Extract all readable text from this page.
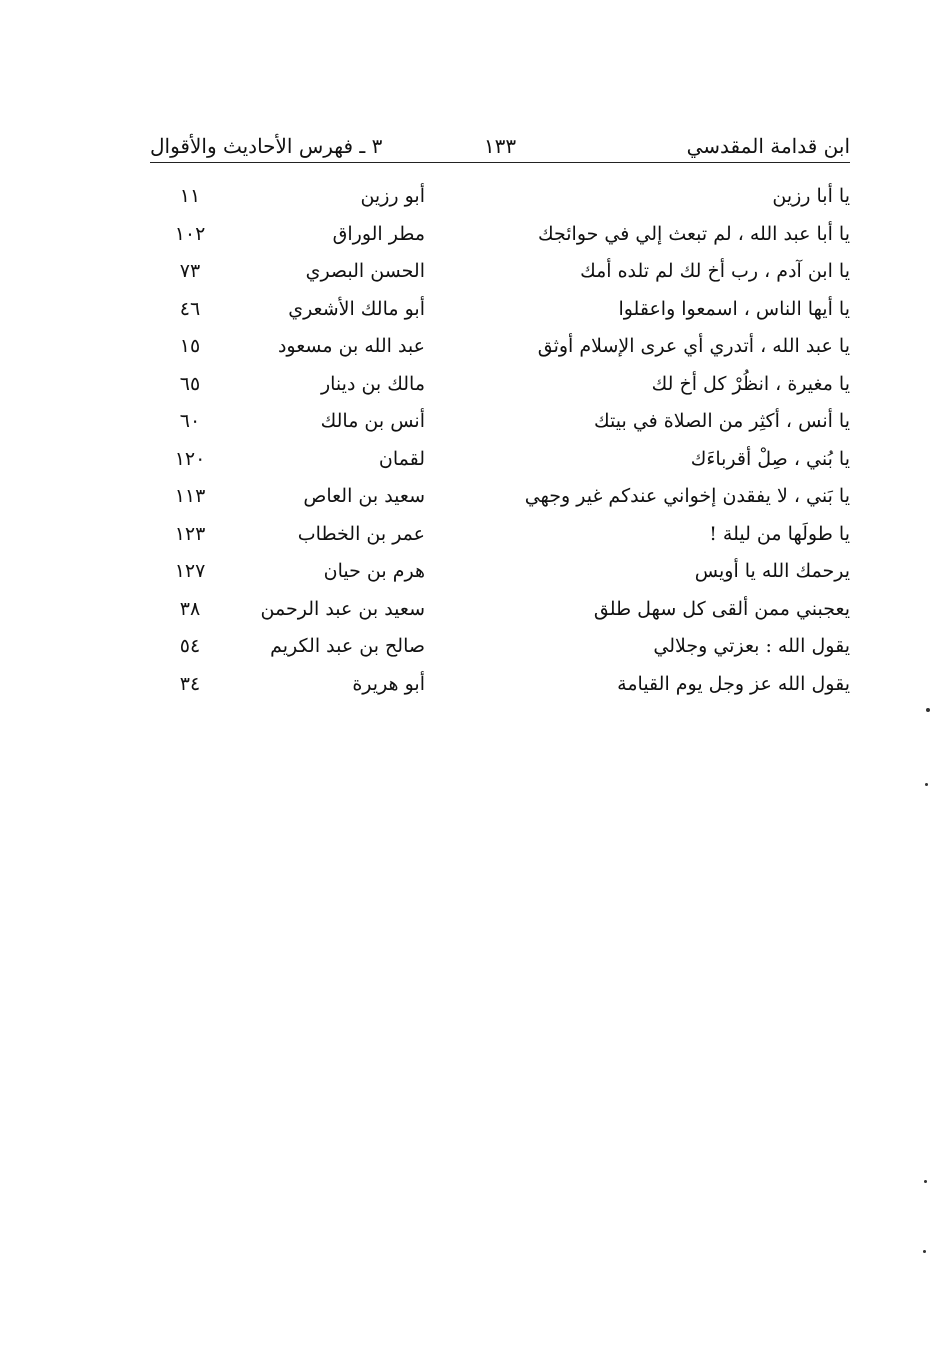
ابن قدامة المقدسي
١٣٣
٣ ـ فهرس الأحاديث والأقوال
يا أبا رزين
أبو رزين
١١
يا أبا عبد الله ، لم تبعث إلي في حوائجك
مطر الوراق
١٠٢
يا ابن آدم ، رب أخ لك لم تلده أمك
الحسن البصري
٧٣
يا أيها الناس ، اسمعوا واعقلوا
أبو مالك الأشعري
٤٦
يا عبد الله ، أتدري أي عرى الإسلام أوثق
عبد الله بن مسعود
١٥
يا مغيرة ، انظُرْ كل أخ لك
مالك بن دينار
٦٥
يا أنس ، أكثِر من الصلاة في بيتك
أنس بن مالك
٦٠
يا بُني ، صِلْ أقرباءَك
لقمان
١٢٠
يا بَني ، لا يفقدن إخواني عندكم غير وجهي
سعيد بن العاص
١١٣
يا طولَها من ليلة !
عمر بن الخطاب
١٢٣
يرحمك الله يا أويس
هرم بن حيان
١٢٧
يعجبني ممن ألقى كل سهل طلق
سعيد بن عبد الرحمن
٣٨
يقول الله : بعزتي وجلالي
صالح بن عبد الكريم
٥٤
يقول الله عز وجل يوم القيامة
أبو هريرة
٣٤
